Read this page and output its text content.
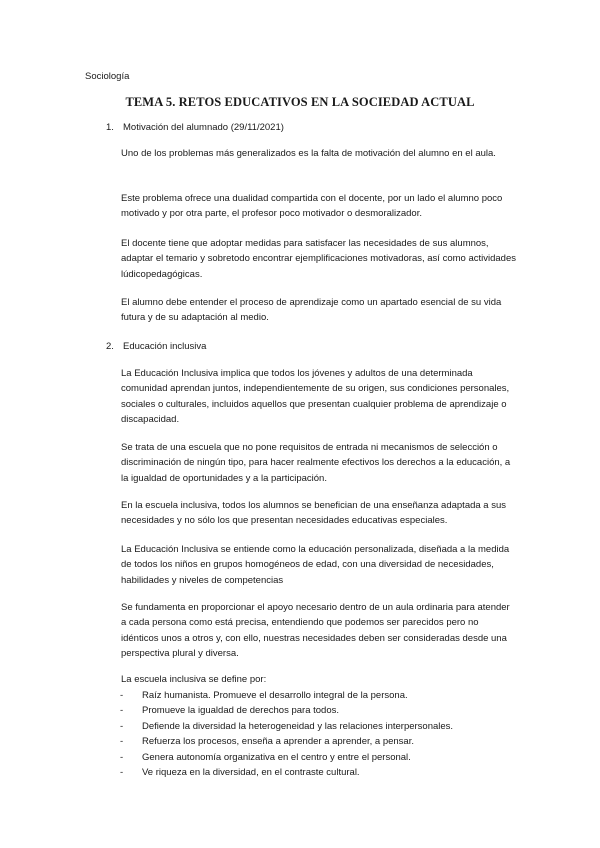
Sociología
TEMA 5. RETOS EDUCATIVOS EN LA SOCIEDAD ACTUAL
1. Motivación del alumnado (29/11/2021)

Uno de los problemas más generalizados es la falta de motivación del alumno en el aula.

Este problema ofrece una dualidad compartida con el docente, por un lado el alumno poco motivado y por otra parte, el profesor poco motivador o desmoralizador.

El docente tiene que adoptar medidas para satisfacer las necesidades de sus alumnos, adaptar el temario y sobretodo encontrar ejemplificaciones motivadoras, así como actividades lúdicopedagógicas.

El alumno debe entender el proceso de aprendizaje como un apartado esencial de su vida futura y de su adaptación al medio.

2. Educación inclusiva

La Educación Inclusiva implica que todos los jóvenes y adultos de una determinada comunidad aprendan juntos, independientemente de su origen, sus condiciones personales, sociales o culturales, incluidos aquellos que presentan cualquier problema de aprendizaje o discapacidad.

Se trata de una escuela que no pone requisitos de entrada ni mecanismos de selección o discriminación de ningún tipo, para hacer realmente efectivos los derechos a la educación, a la igualdad de oportunidades y a la participación.

En la escuela inclusiva, todos los alumnos se benefician de una enseñanza adaptada a sus necesidades y no sólo los que presentan necesidades educativas especiales.

La Educación Inclusiva se entiende como la educación personalizada, diseñada a la medida de todos los niños en grupos homogéneos de edad, con una diversidad de necesidades, habilidades y niveles de competencias

Se fundamenta en proporcionar el apoyo necesario dentro de un aula ordinaria para atender a cada persona como está precisa, entendiendo que podemos ser parecidos pero no idénticos unos a otros y, con ello, nuestras necesidades deben ser consideradas desde una perspectiva plural y diversa.

La escuela inclusiva se define por:
- Raíz humanista. Promueve el desarrollo integral de la persona.
- Promueve la igualdad de derechos para todos.
- Defiende la diversidad la heterogeneidad y las relaciones interpersonales.
- Refuerza los procesos, enseña a aprender a aprender, a pensar.
- Genera autonomía organizativa en el centro y entre el personal.
- Ve riqueza en la diversidad, en el contraste cultural.
